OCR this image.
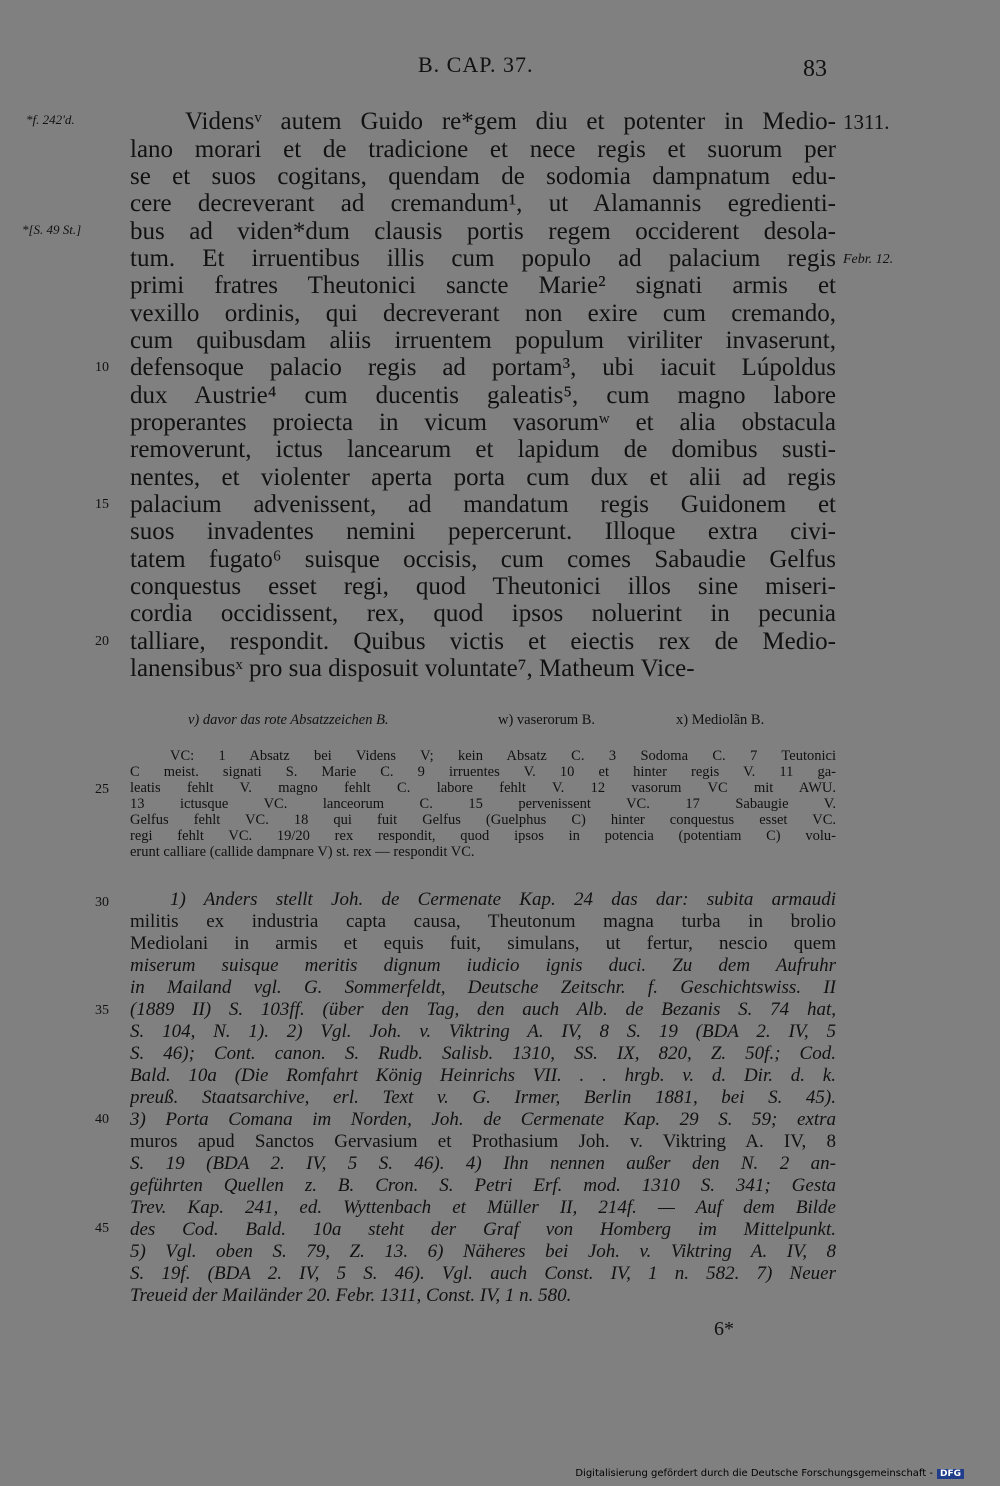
B. CAP. 37.	83
*f. 242'd.
*[S. 49 St.]
1311.
Febr. 12.
Vidensᵛ autem Guido re*gem diu et potenter in Medio-
lano morari et de tradicione et nece regis et suorum per
se et suos cogitans, quendam de sodomia dampnatum edu-
cere decreverant ad cremandum¹, ut Alamannis egredienti-
bus ad viden*dum clausis portis regem occiderent desola-
tum. Et irruentibus illis cum populo ad palacium regis
primi fratres Theutonici sancte Marie² signati armis et
vexillo ordinis, qui decreverant non exire cum cremando,
cum quibusdam aliis irruentem populum viriliter invaserunt,
defensoque palacio regis ad portam³, ubi iacuit Lúpoldus
dux Austrie⁴ cum ducentis galeatis⁵, cum magno labore
properantes proiecta in vicum vasorumʷ et alia obstacula
removerunt, ictus lancearum et lapidum de domibus susti-
nentes, et violenter aperta porta cum dux et alii ad regis
palacium advenissent, ad mandatum regis Guidonem et
suos invadentes nemini pepercerunt. Illoque extra civi-
tatem fugato⁶ suisque occisis, cum comes Sabaudie Gelfus
conquestus esset regi, quod Theutonici illos sine miseri-
cordia occidissent, rex, quod ipsos noluerint in pecunia
talliare, respondit. Quibus victis et eiectis rex de Medio-
lanensibusˣ pro sua disposuit voluntate⁷, Matheum Vice-
10
15
20
25
30
35
40
45
v) davor das rote Absatzzeichen B.	w) vaserorum B.	x) Mediolãn B.
VC: 1 Absatz bei Videns V; kein Absatz C. 3 Sodoma C. 7 Teutonici
C meist. signati S. Marie C. 9 irruentes V. 10 et hinter regis V. 11 ga-
leatis fehlt V. magno fehlt C. labore fehlt V. 12 vasorum VC mit AWU.
13 ictusque VC. lanceorum C. 15 pervenissent VC. 17 Sabaugie V.
Gelfus fehlt VC. 18 qui fuit Gelfus (Guelphus C) hinter conquestus esset VC.
regi fehlt VC. 19/20 rex respondit, quod ipsos in potencia (potentiam C) volu-
erunt calliare (callide dampnare V) st. rex — respondit VC.
1) Anders stellt Joh. de Cermenate Kap. 24 das dar: subita armaudi
militis ex industria capta causa, Theutonum magna turba in brolio
Mediolani in armis et equis fuit, simulans, ut fertur, nescio quem
miserum suisque meritis dignum iudicio ignis duci. Zu dem Aufruhr
in Mailand vgl. G. Sommerfeldt, Deutsche Zeitschr. f. Geschichtswiss. II
(1889 II) S. 103ff. (über den Tag, den auch Alb. de Bezanis S. 74 hat,
S. 104, N. 1). 2) Vgl. Joh. v. Viktring A. IV, 8 S. 19 (BDA 2. IV, 5
S. 46); Cont. canon. S. Rudb. Salisb. 1310, SS. IX, 820, Z. 50f.; Cod.
Bald. 10a (Die Romfahrt König Heinrichs VII. . . hrgb. v. d. Dir. d. k.
preuß. Staatsarchive, erl. Text v. G. Irmer, Berlin 1881, bei S. 45).
3) Porta Comana im Norden, Joh. de Cermenate Kap. 29 S. 59; extra
muros apud Sanctos Gervasium et Prothasium Joh. v. Viktring A. IV, 8
S. 19 (BDA 2. IV, 5 S. 46). 4) Ihn nennen außer den N. 2 an-
geführten Quellen z. B. Cron. S. Petri Erf. mod. 1310 S. 341; Gesta
Trev. Kap. 241, ed. Wyttenbach et Müller II, 214f. — Auf dem Bilde
des Cod. Bald. 10a steht der Graf von Homberg im Mittelpunkt.
5) Vgl. oben S. 79, Z. 13. 6) Näheres bei Joh. v. Viktring A. IV, 8
S. 19f. (BDA 2. IV, 5 S. 46). Vgl. auch Const. IV, 1 n. 582. 7) Neuer
Treueid der Mailänder 20. Febr. 1311, Const. IV, 1 n. 580.
6*
Digitalisierung gefördert durch die Deutsche Forschungsgemeinschaft - DFG
